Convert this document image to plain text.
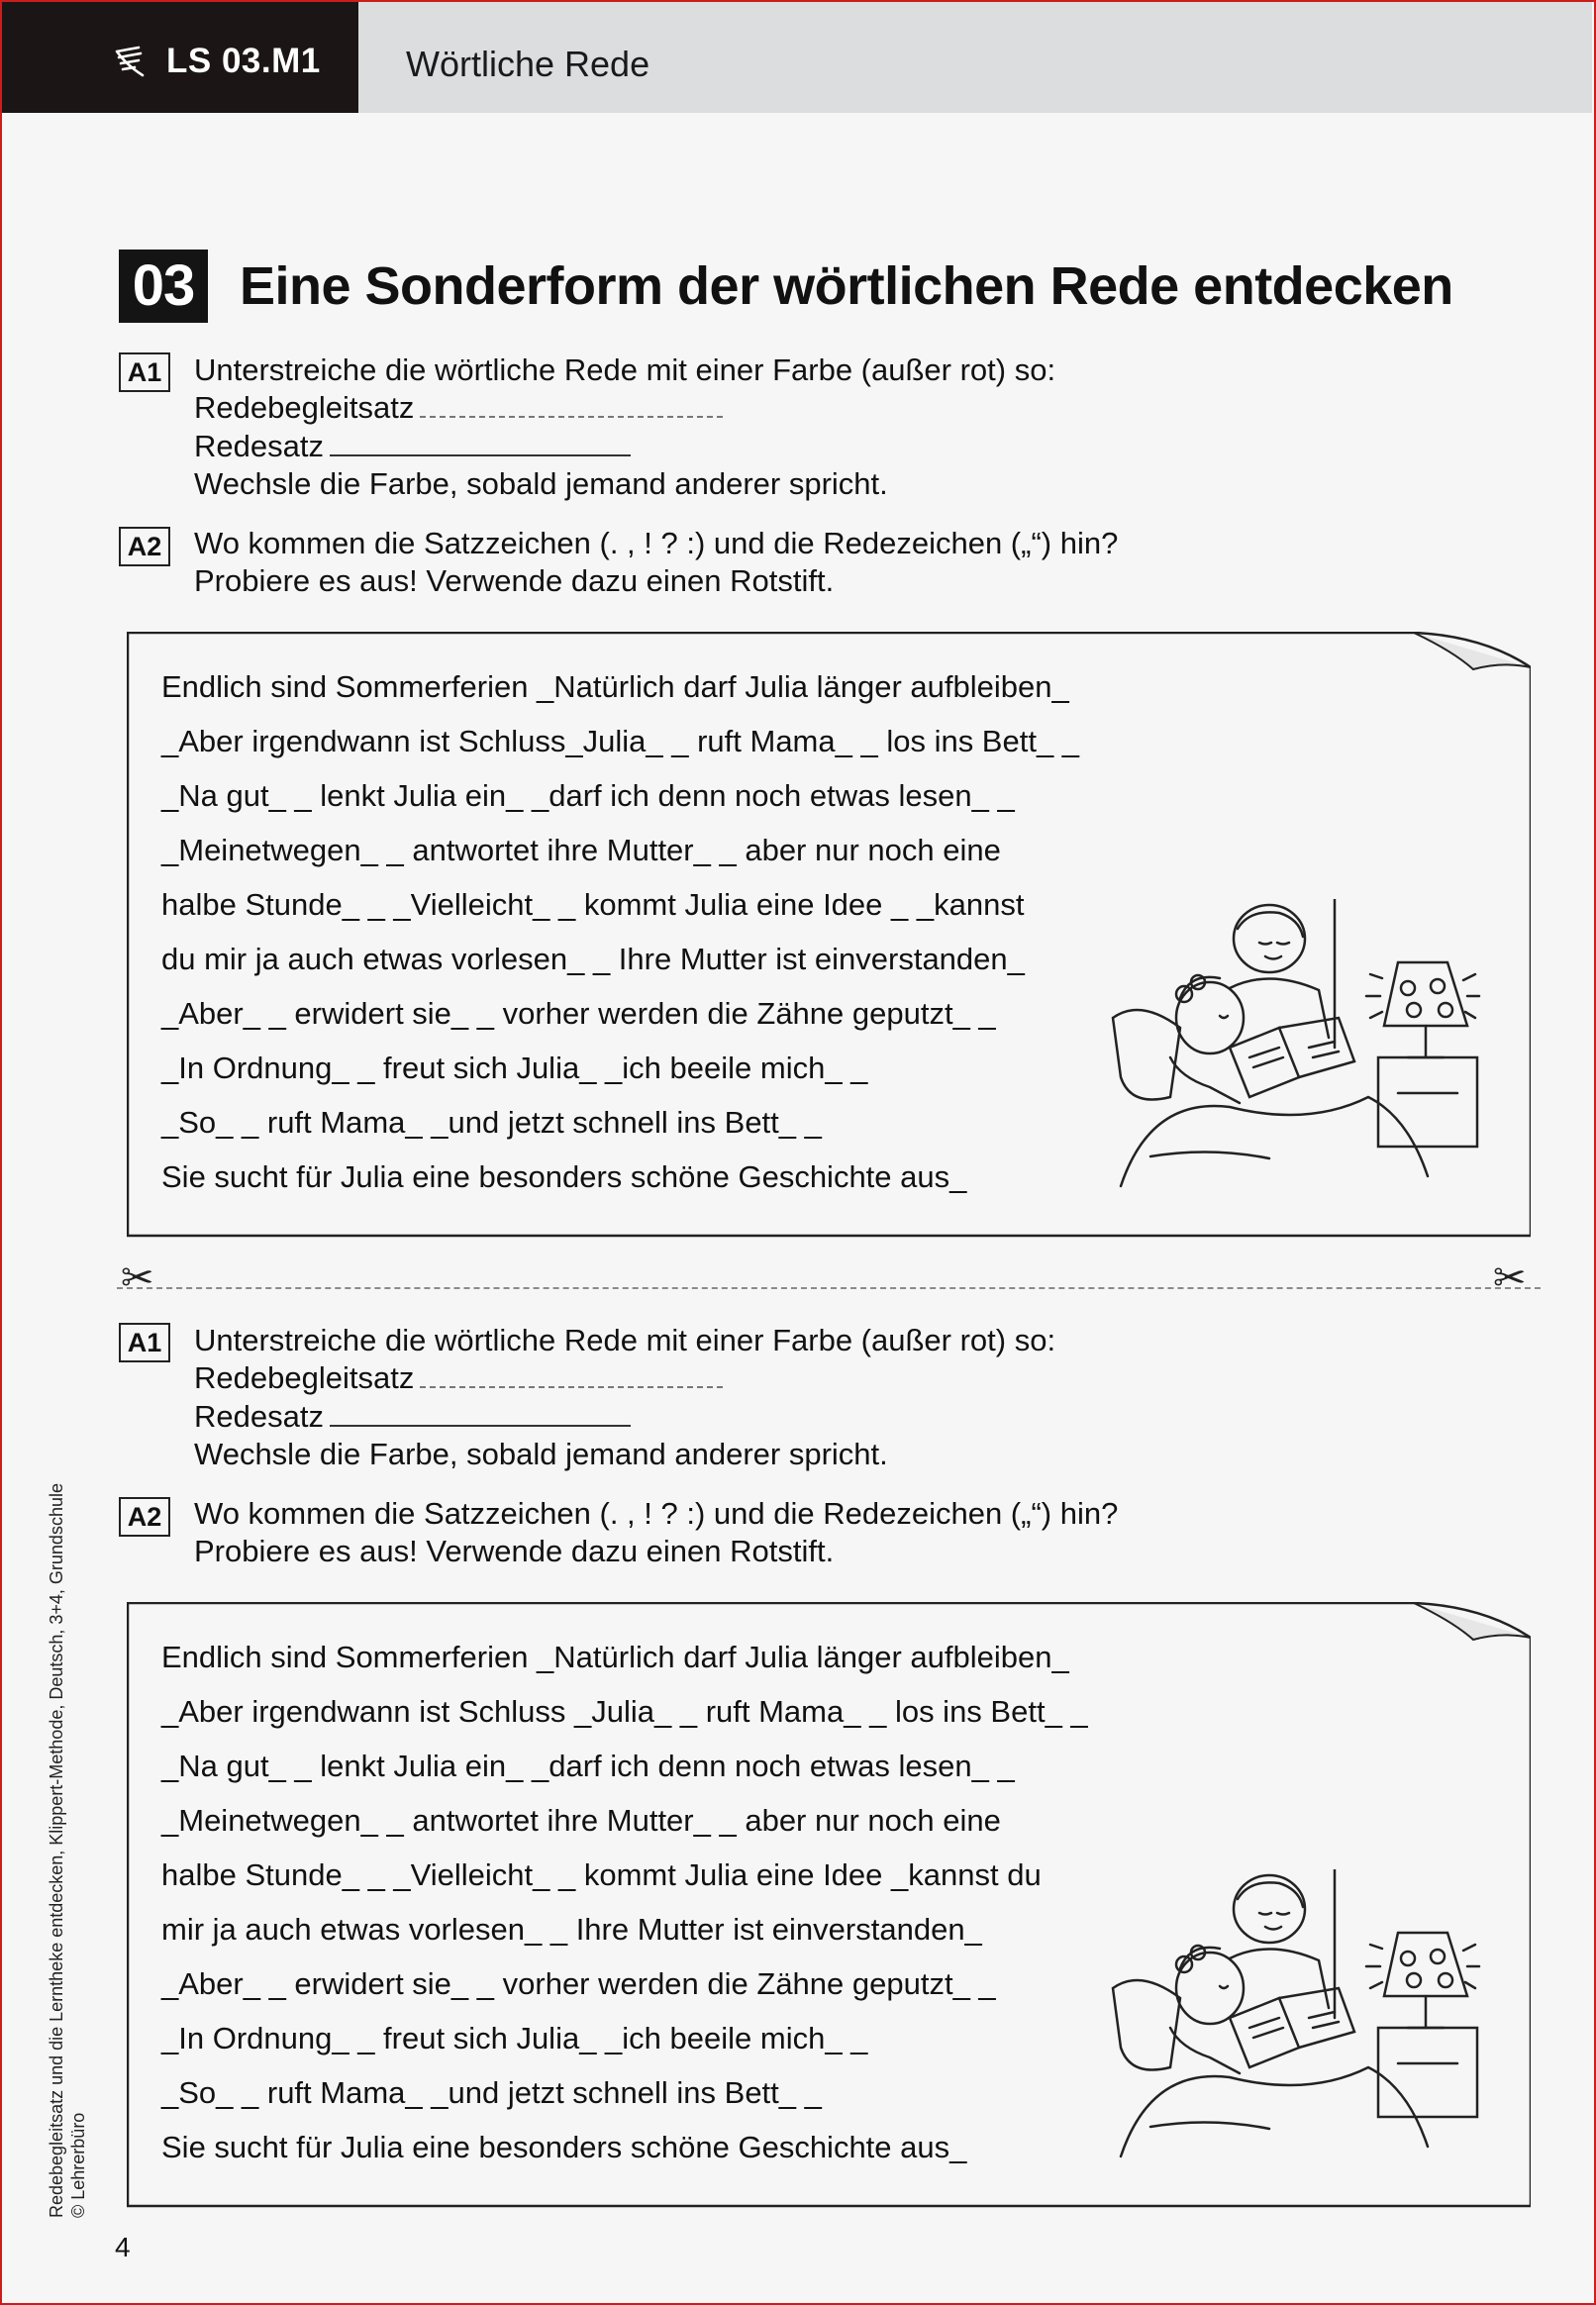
LS 03.M1 Wörtliche Rede
03 Eine Sonderform der wörtlichen Rede entdecken
A1 Unterstreiche die wörtliche Rede mit einer Farbe (außer rot) so:
Redebegleitsatz
Redesatz
Wechsle die Farbe, sobald jemand anderer spricht.
A2 Wo kommen die Satzzeichen (. , ! ? :) und die Redezeichen („“) hin?
Probiere es aus! Verwende dazu einen Rotstift.
Endlich sind Sommerferien _Natürlich darf Julia länger aufbleiben_
_Aber irgendwann ist Schluss_Julia_ _ ruft Mama_ _ los ins Bett_ _
_Na gut_ _ lenkt Julia ein_ _darf ich denn noch etwas lesen_ _
_Meinetwegen_ _ antwortet ihre Mutter_ _ aber nur noch eine
halbe Stunde_ _ _Vielleicht_ _ kommt Julia eine Idee _ _kannst
du mir ja auch etwas vorlesen_ _ Ihre Mutter ist einverstanden_
_Aber_ _ erwidert sie_ _ vorher werden die Zähne geputzt_ _
_In Ordnung_ _ freut sich Julia_ _ich beeile mich_ _
_So_ _ ruft Mama_ _und jetzt schnell ins Bett_ _
Sie sucht für Julia eine besonders schöne Geschichte aus_
✂	✂
A1 Unterstreiche die wörtliche Rede mit einer Farbe (außer rot) so:
Redebegleitsatz
Redesatz
Wechsle die Farbe, sobald jemand anderer spricht.
A2 Wo kommen die Satzzeichen (. , ! ? :) und die Redezeichen („“) hin?
Probiere es aus! Verwende dazu einen Rotstift.
Endlich sind Sommerferien _Natürlich darf Julia länger aufbleiben_
_Aber irgendwann ist Schluss _Julia_ _ ruft Mama_ _ los ins Bett_ _
_Na gut_ _ lenkt Julia ein_ _darf ich denn noch etwas lesen_ _
_Meinetwegen_ _ antwortet ihre Mutter_ _ aber nur noch eine
halbe Stunde_ _ _Vielleicht_ _ kommt Julia eine Idee _kannst du
mir ja auch etwas vorlesen_ _ Ihre Mutter ist einverstanden_
_Aber_ _ erwidert sie_ _ vorher werden die Zähne geputzt_ _
_In Ordnung_ _ freut sich Julia_ _ich beeile mich_ _
_So_ _ ruft Mama_ _und jetzt schnell ins Bett_ _
Sie sucht für Julia eine besonders schöne Geschichte aus_
Redebegleitsatz und die Lerntheke entdecken, Klippert-Methode, Deutsch, 3+4, Grundschule © Lehrerbüro
4
